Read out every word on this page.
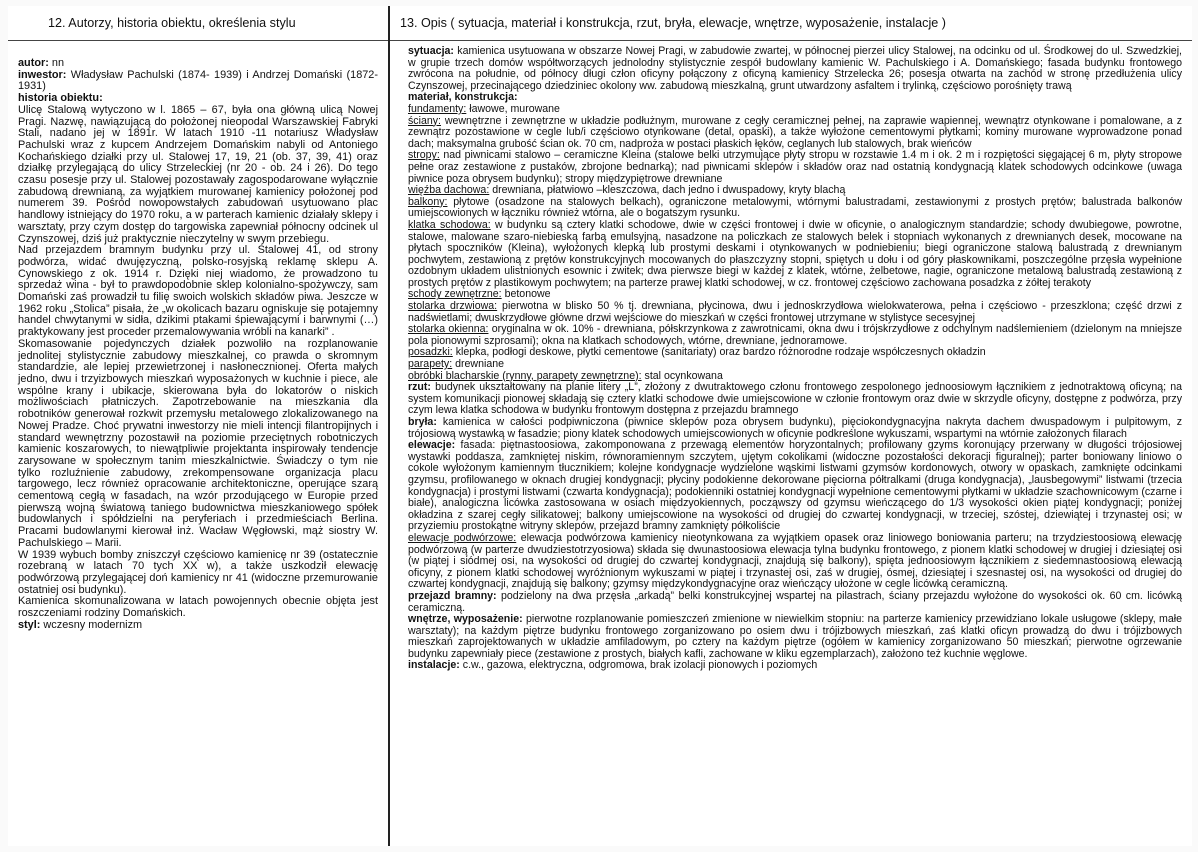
12. Autorzy, historia obiektu, określenia stylu

autor: nn

inwestor: Władysław Pachulski (1874- 1939) i Andrzej Domański (1872- 1931)

historia obiektu:

Ulicę Stalową wytyczono w l. 1865 – 67, była ona główną ulicą Nowej Pragi. Nazwę, nawiązującą do położonej nieopodal Warszawskiej Fabryki Stali, nadano jej w 1891r. W latach 1910 -11 notariusz Władysław Pachulski wraz z kupcem Andrzejem Domańskim nabyli od Antoniego Kochańskiego działki przy ul. Stalowej 17, 19, 21 (ob. 37, 39, 41) oraz działkę przylegającą do ulicy Strzeleckiej (nr 20 - ob. 24 i 26). Do tego czasu posesje przy ul. Stalowej pozostawały zagospodarowane wyłącznie zabudową drewnianą, za wyjątkiem murowanej kamienicy położonej pod numerem 39. Pośród nowopowstałych zabudowań usytuowano plac handlowy istniejący do 1970 roku, a w parterach kamienic działały sklepy i warsztaty, przy czym dostęp do targowiska zapewniał północny odcinek ul Czynszowej, dziś już praktycznie nieczytelny w swym przebiegu.

Nad przejazdem bramnym budynku przy ul. Stalowej 41, od strony podwórza, widać dwujęzyczną, polsko-rosyjską reklamę sklepu A. Cynowskiego z ok. 1914 r. Dzięki niej wiadomo, że prowadzono tu sprzedaż wina - był to prawdopodobnie sklep kolonialno-spożywczy, sam Domański zaś prowadził tu filię swoich wolskich składów piwa. Jeszcze w 1962 roku „Stolica” pisała, że „w okolicach bazaru ogniskuje się potajemny handel chwytanymi w sidła, dzikimi ptakami śpiewającymi i barwnymi (…) praktykowany jest proceder przemalowywania wróbli na kanarki” .

Skomasowanie pojedynczych działek pozwoliło na rozplanowanie jednolitej stylistycznie zabudowy mieszkalnej, co prawda o skromnym standardzie, ale lepiej przewietrzonej i nasłonecznionej. Oferta małych jedno, dwu i trzyizbowych mieszkań wyposażonych w kuchnie i piece, ale wspólne krany i ubikacje, skierowana była do lokatorów o niskich możliwościach płatniczych. Zapotrzebowanie na mieszkania dla robotników generował rozkwit przemysłu metalowego zlokalizowanego na Nowej Pradze. Choć prywatni inwestorzy nie mieli intencji filantropijnych i standard wewnętrzny pozostawił na poziomie przeciętnych robotniczych kamienic koszarowych, to niewątpliwie projektanta inspirowały tendencje zarysowane w społecznym tanim mieszkalnictwie. Świadczy o tym nie tylko rozluźnienie zabudowy, zrekompensowane organizacja placu targowego, lecz również opracowanie architektoniczne, operujące szarą cementową cegłą w fasadach, na wzór przodującego w Europie przed pierwszą wojną światową taniego budownictwa mieszkaniowego spółek budowlanych i spółdzielni na peryferiach i przedmieściach Berlina. Pracami budowlanymi kierował inż. Wacław Węgłowski, mąż siostry W. Pachulskiego – Marii.

W 1939 wybuch bomby zniszczył częściowo kamienicę nr 39 (ostatecznie rozebraną w latach 70 tych XX w), a także uszkodził elewację podwórzową przylegającej doń kamienicy nr 41 (widoczne przemurowanie ostatniej osi budynku).

Kamienica skomunalizowana w latach powojennych obecnie objęta jest roszczeniami rodziny Domańskich.

styl: wczesny modernizm

13. Opis ( sytuacja, materiał i konstrukcja, rzut, bryła, elewacje, wnętrze, wyposażenie, instalacje )

sytuacja: kamienica usytuowana w obszarze Nowej Pragi, w zabudowie zwartej, w północnej pierzei ulicy Stalowej, na odcinku od ul. Środkowej do ul. Szwedzkiej, w grupie trzech domów współtworzących jednolodny stylistycznie zespół budowlany kamienic W. Pachulskiego i A. Domańskiego; fasada budynku frontowego zwrócona na południe, od północy długi człon oficyny połączony z oficyną kamienicy Strzelecka 26; posesja otwarta na zachód w stronę przedłużenia ulicy Czynszowej, przecinającego dziedziniec okolony ww. zabudową mieszkalną, grunt utwardzony asfaltem i trylinką, częściowo porośnięty trawą

materiał, konstrukcja:

fundamenty: ławowe, murowane

ściany: wewnętrzne i zewnętrzne w układzie podłużnym, murowane z cegły ceramicznej pełnej, na zaprawie wapiennej, wewnątrz otynkowane i pomalowane, a z zewnątrz pozostawione w cegle lub/i częściowo otynkowane (detal, opaski), a także wyłożone cementowymi płytkami; kominy murowane wyprowadzone ponad dach; maksymalna grubość ścian ok. 70 cm, nadproża w postaci płaskich łęków, ceglanych lub stalowych, brak wieńców

stropy: nad piwnicami stalowo – ceramiczne Kleina (stalowe belki utrzymujące płyty stropu w rozstawie 1.4 m i ok. 2 m i rozpiętości sięgającej 6 m, płyty stropowe pełne oraz zestawione z pustaków, zbrojone bednarką); nad piwnicami sklepów i składów oraz nad ostatnią kondygnacją klatek schodowych odcinkowe (uwaga piwnice poza obrysem budynku); stropy międzypiętrowe drewniane

więźba dachowa: drewniana, płatwiowo –kleszczowa, dach jedno i dwuspadowy, kryty blachą

balkony: płytowe (osadzone na stalowych belkach), ograniczone metalowymi, wtórnymi balustradami, zestawionymi z prostych prętów; balustrada balkonów umiejscowionych w łączniku również wtórna, ale o bogatszym rysunku.

klatka schodowa: w budynku są cztery klatki schodowe, dwie w części frontowej i dwie w oficynie, o analogicznym standardzie; schody dwubiegowe, powrotne, stalowe, malowane szaro-niebieską farbą emulsyjną, nasadzone na policzkach ze stalowych belek i stopniach wykonanych z drewnianych desek, mocowane na płytach spoczników (Kleina), wyłożonych klepką lub prostymi deskami i otynkowanych w podniebieniu; biegi ograniczone stalową balustradą z drewnianym pochwytem, zestawioną z prętów konstrukcyjnych mocowanych do płaszczyzny stopni, spiętych u dołu i od góry płaskownikami, poszczególne przęsła wypełnione ozdobnym układem ulistnionych esownic i zwitek; dwa pierwsze biegi w każdej z klatek, wtórne, żelbetowe, nagie, ograniczone metalową balustradą zestawioną z prostych prętów z plastikowym pochwytem; na parterze prawej klatki schodowej, w cz. frontowej częściowo zachowana posadzka z żółtej terakoty

schody zewnętrzne: betonowe

stolarka drzwiowa: pierwotna w blisko 50 % tj. drewniana, płycinowa, dwu i jednoskrzydłowa wielokwaterowa, pełna i częściowo - przeszklona; część drzwi z nadświetlami; dwuskrzydłowe główne drzwi wejściowe do mieszkań w części frontowej utrzymane w stylistyce secesyjnej

stolarka okienna: oryginalna w ok. 10% - drewniana, półskrzynkowa z zawrotnicami, okna dwu i trójskrzydłowe z odchylnym nadślemieniem (dzielonym na mniejsze pola pionowymi szprosami); okna na klatkach schodowych, wtórne, drewniane, jednoramowe.

posadzki: klepka, podłogi deskowe, płytki cementowe (sanitariaty) oraz bardzo różnorodne rodzaje współczesnych okładzin

parapety: drewniane

obróbki blacharskie (rynny, parapety zewnętrzne): stal ocynkowana

rzut: budynek ukształtowany na planie litery „L”, złożony z dwutraktowego członu frontowego zespolonego jednoosiowym łącznikiem z jednotraktową oficyną; na system komunikacji pionowej składają się cztery klatki schodowe dwie umiejscowione w członie frontowym oraz dwie w skrzydle oficyny, dostępne z podwórza, przy czym lewa klatka schodowa w budynku frontowym dostępna z przejazdu bramnego

bryła: kamienica w całości podpiwniczona (piwnice sklepów poza obrysem budynku), pięciokondygnacyjna nakryta dachem dwuspadowym i pulpitowym, z trójosiową wystawką w fasadzie; piony klatek schodowych umiejscowionych w oficynie podkreślone wykuszami, wspartymi na wtórnie założonych filarach

elewacje: fasada: piętnastoosiowa, zakomponowana z przewagą elementów horyzontalnych; profilowany gzyms koronujący przerwany w długości trójosiowej wystawki poddasza, zamkniętej niskim, równoramiennym szczytem, ujętym cokolikami (widoczne pozostałości dekoracji figuralnej); parter boniowany liniowo o cokole wyłożonym kamiennym tłucznikiem; kolejne kondygnacje wydzielone wąskimi listwami gzymsów kordonowych, otwory w opaskach, zamknięte odcinkami gzymsu, profilowanego w oknach drugiej kondygnacji; płyciny podokienne dekorowane pięciorna półtralkami (druga kondygnacja), „lausbegowymi” listwami (trzecia kondygnacja) i prostymi listwami (czwarta kondygnacja); podokienniki ostatniej kondygnacji wypełnione cementowymi płytkami w układzie szachownicowym (czarne i białe), analogiczna licówka zastosowana w osiach międzyokiennych, począwszy od gzymsu wieńczącego do 1/3 wysokości okien piątej kondygnacji; poniżej okładzina z szarej cegły silikatowej; balkony umiejscowione na wysokości od drugiej do czwartej kondygnacji, w trzeciej, szóstej, dziewiątej i trzynastej osi; w przyziemiu prostokątne witryny sklepów, przejazd bramny zamknięty półkoliście

elewacje podwórzowe: elewacja podwórzowa kamienicy nieotynkowana za wyjątkiem opasek oraz liniowego boniowania parteru; na trzydziestoosiową elewację podwórzową (w parterze dwudziestotrzyosiowa) składa się dwunastoosiowa elewacja tylna budynku frontowego, z pionem klatki schodowej w drugiej i dziesiątej osi (w piątej i siódmej osi, na wysokości od drugiej do czwartej kondygnacji, znajdują się balkony), spięta jednoosiowym łącznikiem z siedemnastoosiową elewacją oficyny, z pionem klatki schodowej wyróżnionym wykuszami w piątej i trzynastej osi, zaś w drugiej, ósmej, dziesiątej i szesnastej osi, na wysokości od drugiej do czwartej kondygnacji, znajdują się balkony; gzymsy międzykondygnacyjne oraz wieńczący ułożone w cegle licówką ceramiczną.

przejazd bramny: podzielony na dwa przęsła „arkadą” belki konstrukcyjnej wspartej na pilastrach, ściany przejazdu wyłożone do wysokości ok. 60 cm. licówką ceramiczną.

wnętrze, wyposażenie: pierwotne rozplanowanie pomieszczeń zmienione w niewielkim stopniu: na parterze kamienicy przewidziano lokale usługowe (sklepy, małe warsztaty); na każdym piętrze budynku frontowego zorganizowano po osiem dwu i trójizbowych mieszkań, zaś klatki oficyn prowadzą do dwu i trójizbowych mieszkań zaprojektowanych w układzie amfiladowym, po cztery na każdym piętrze (ogółem w kamienicy zorganizowano 50 mieszkań; pierwotne ogrzewanie budynku zapewniały piece (zestawione z prostych, białych kafli, zachowane w kliku egzemplarzach), założono też kuchnie węglowe.

instalacje: c.w., gazowa, elektryczna, odgromowa, brak izolacji pionowych i poziomych
